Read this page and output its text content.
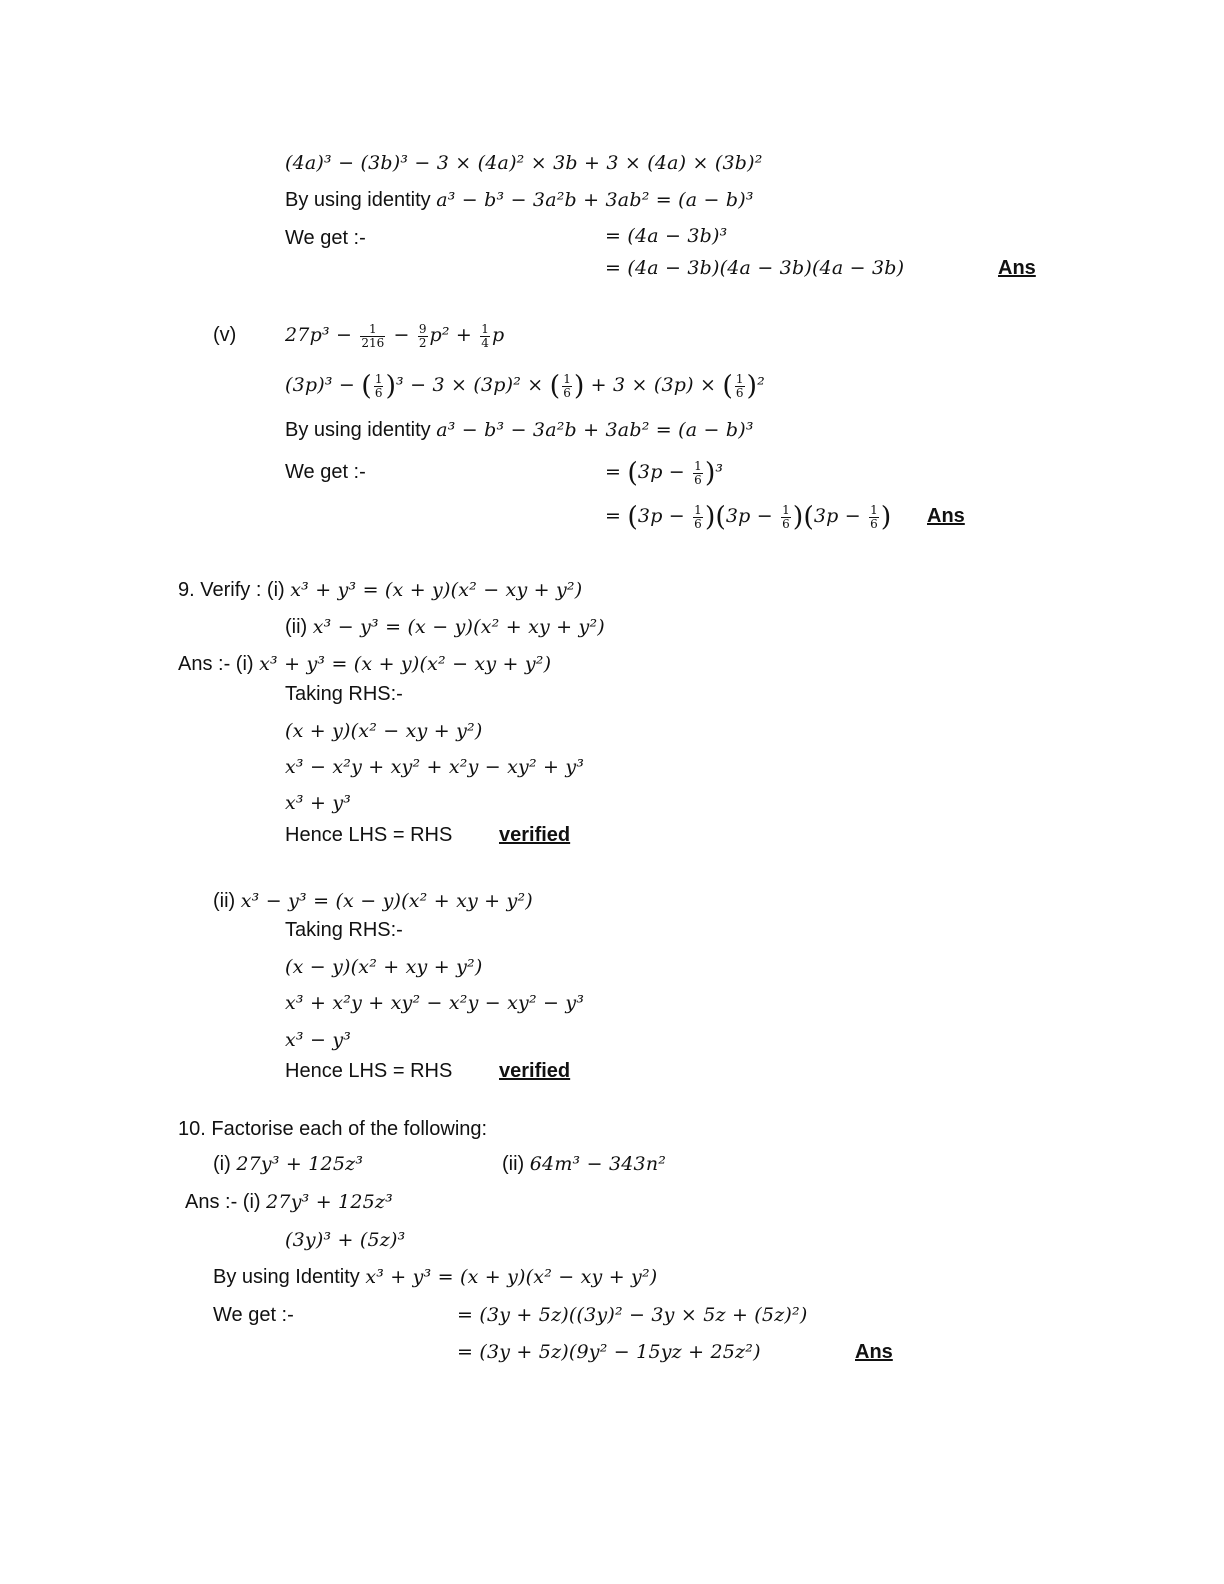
(4a)³ − (3b)³ − 3 × (4a)² × 3b + 3 × (4a) × (3b)²
By using identity a³ − b³ − 3a²b + 3ab² = (a − b)³
We get :-	= (4a − 3b)³
= (4a − 3b)(4a − 3b)(4a − 3b)	Ans
(v)	$27p^3 - \frac{1}{216} - \frac{9}{2} p^2 + \frac{1}{4}$ p
(3p)³ − ( $\frac{1}{6} )^3 - 3 \times (3p)^2$ × ( $\frac{1}{6}$ ) + 3 × (3p) × ( $\frac{1}{6} )^2$
By using identity a³ − b³ − 3a²b + 3ab² = (a − b)³
We get :-	= $(3p - \frac{1}{6} )^3$
= $(3p - \frac{1}{6} )(3p - \frac{1}{6} )(3p - \frac{1}{6}$ ) Ans
9. Verify : (i) x³ + y³ = (x + y)(x² − xy + y²)
(ii) x³ − y³ = (x − y)(x² + xy + y²)
Ans :- (i) x³ + y³ = (x + y)(x² − xy + y²)
Taking RHS:-
(x + y)(x² − xy + y²)
x³ − x²y + xy² + x²y − xy² + y³
x³ + y³
Hence LHS = RHS verified
(ii) x³ − y³ = (x − y)(x² + xy + y²)
Taking RHS:-
(x − y)(x² + xy + y²)
x³ + x²y + xy² − x²y − xy² − y³
x³ − y³
Hence LHS = RHS verified
10. Factorise each of the following:
(i) 27y³ + 125z³	(ii) 64m³ − 343n²
Ans :- (i) 27y³ + 125z³
(3y)³ + (5z)³
By using Identity x³ + y³ = (x + y)(x² − xy + y²)
We get :-	= (3y + 5z)((3y)² − 3y × 5z + (5z)²)
= (3y + 5z)(9y² − 15yz + 25z²)	Ans
